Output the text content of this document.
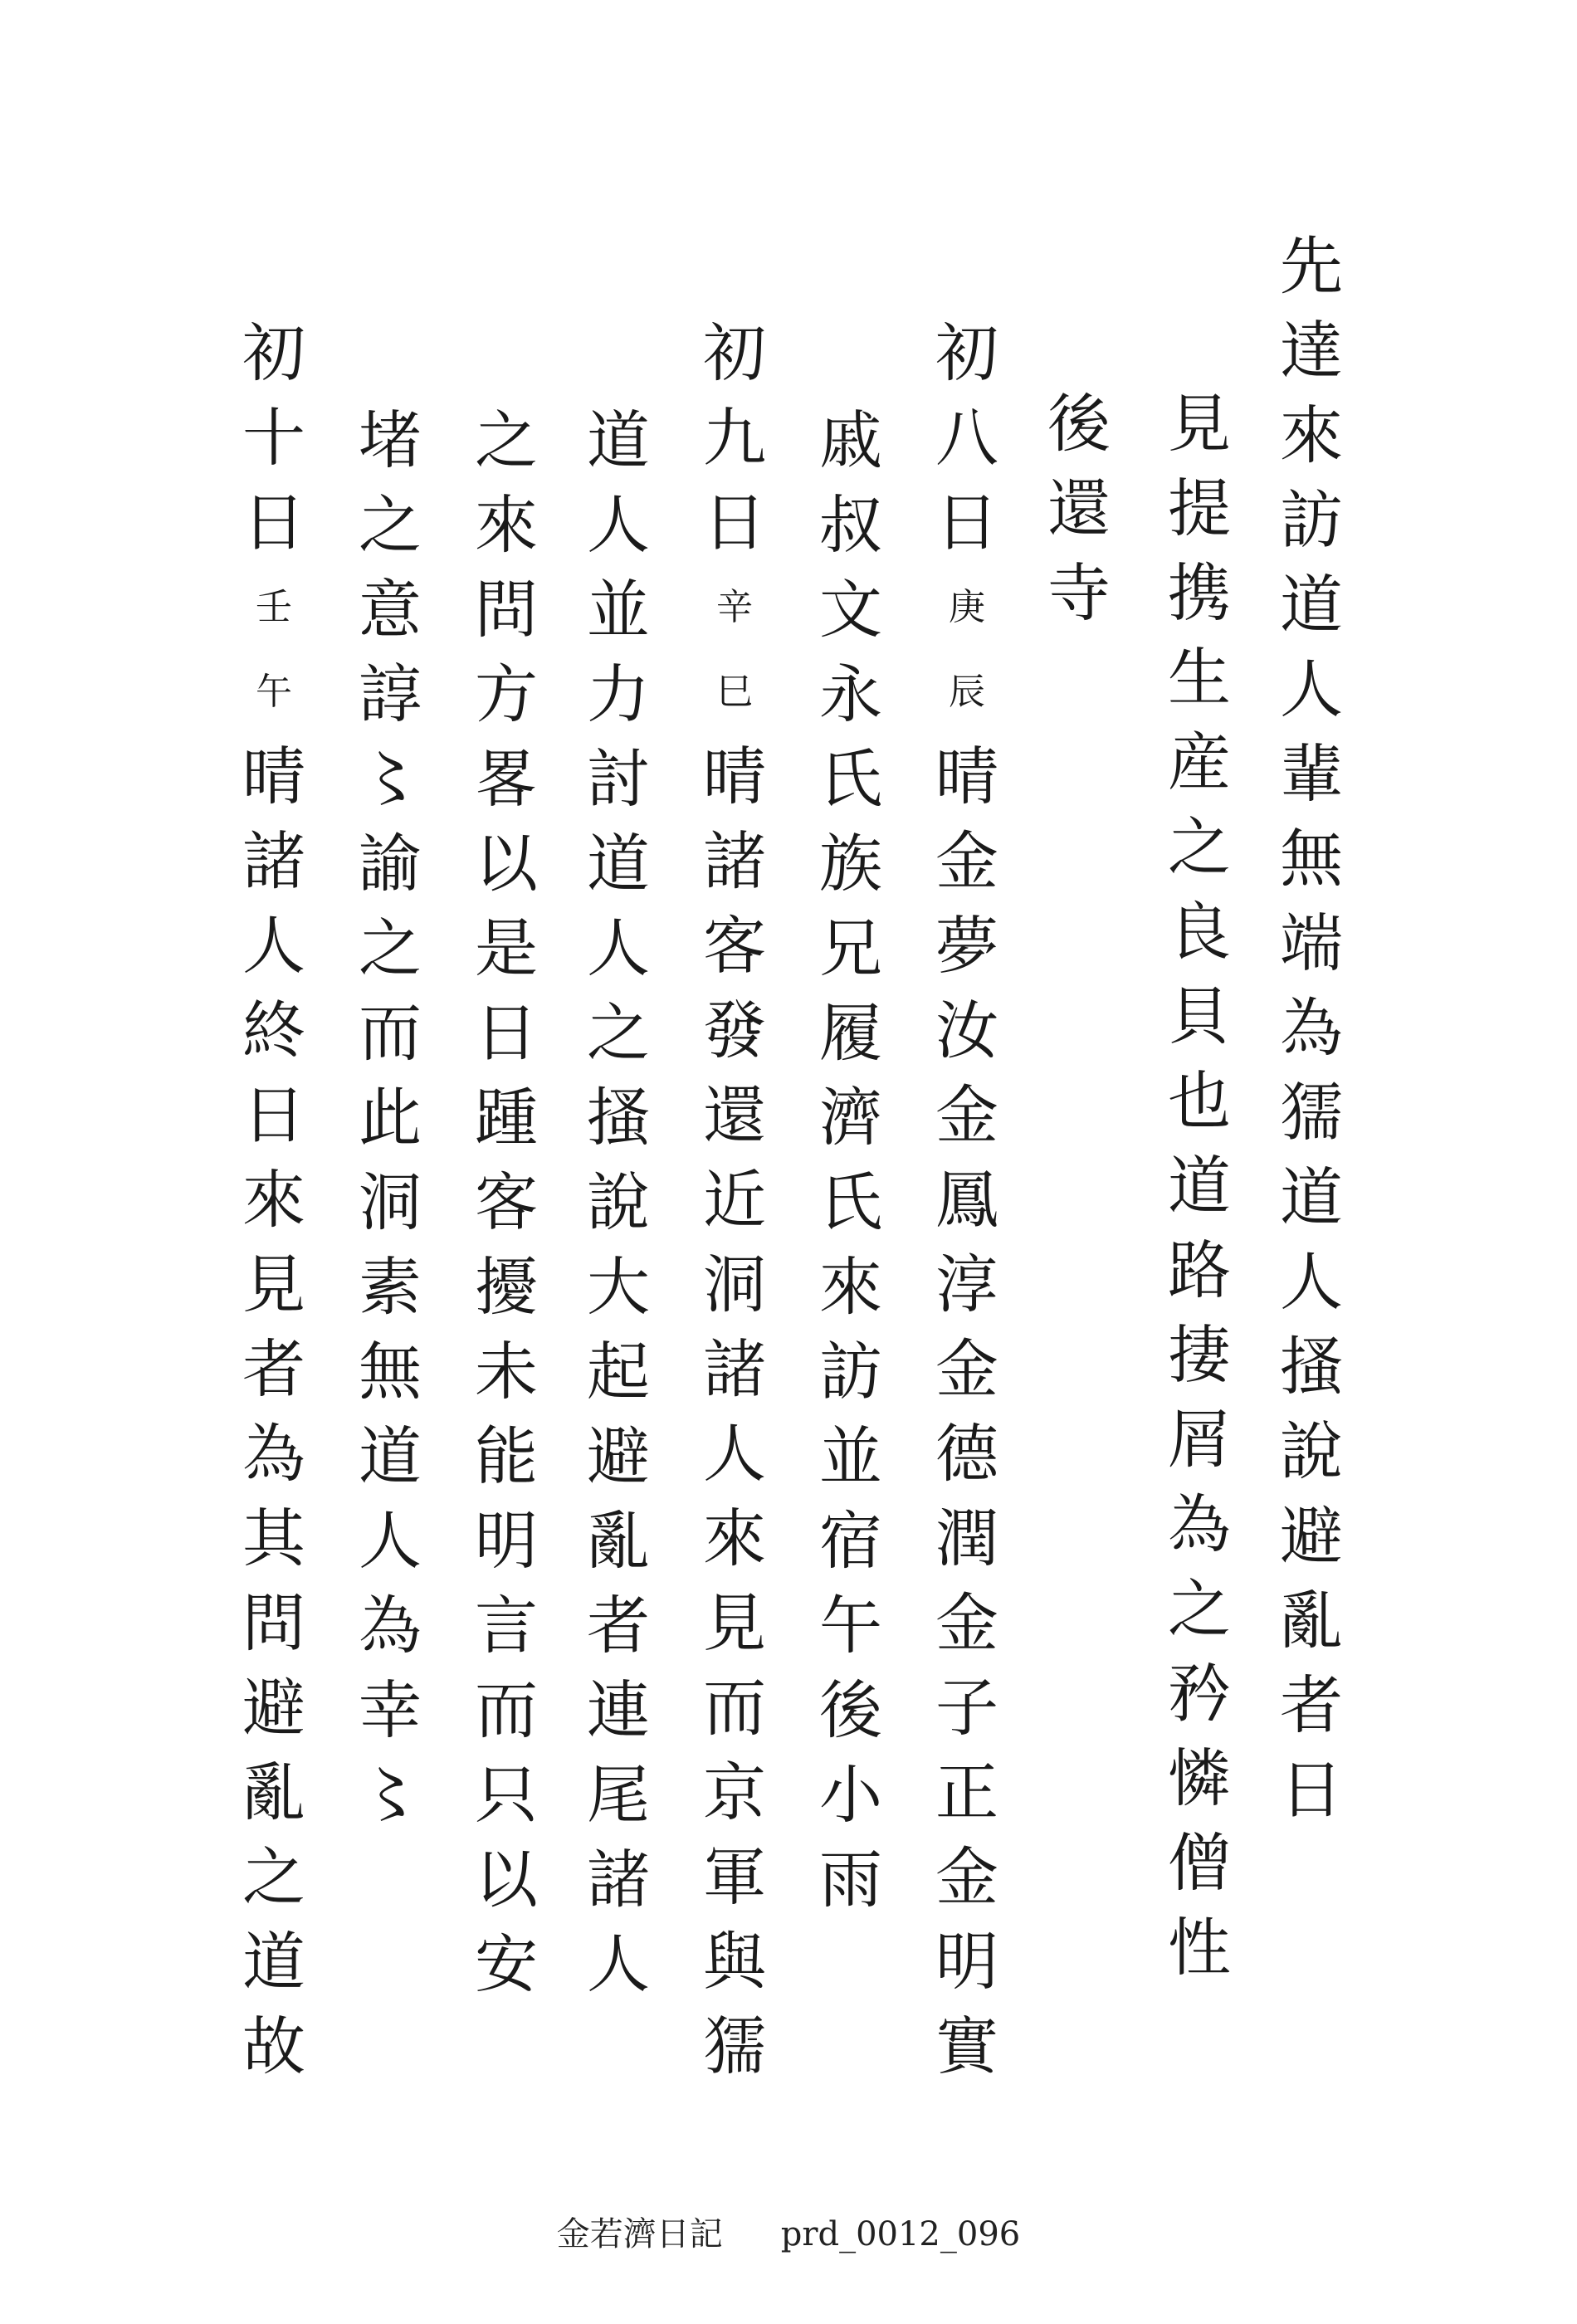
先
達
來
訪
道
人
輩
無
端
為
獳
道
人
搔
說
避
亂
者
日
見
提
携
生
産
之
良
貝
也
道
路
捿
屑
為
之
矜
憐
僧
性
後
還
寺
初
八
日
庚
辰
晴
金
夢
汝
金
鳳
淳
金
德
潤
金
子
正
金
明
實
戚
叔
文
永
氏
族
兄
履
濟
氏
來
訪
並
宿
午
後
小
雨
初
九
日
辛
巳
晴
諸
客
發
還
近
洞
諸
人
來
見
而
京
軍
與
獳
道
人
並
力
討
道
人
之
搔
說
大
起
避
亂
者
連
尾
諸
人
之
來
問
方
畧
以
是
日
踵
客
擾
未
能
明
言
而
只
以
安
堵
之
意
諄
〻
諭
之
而
此
洞
素
無
道
人
為
幸
〻
初
十
日
壬
午
晴
諸
人
終
日
來
見
者
為
其
問
避
亂
之
道
故
金若濟日記 prd_0012_096
